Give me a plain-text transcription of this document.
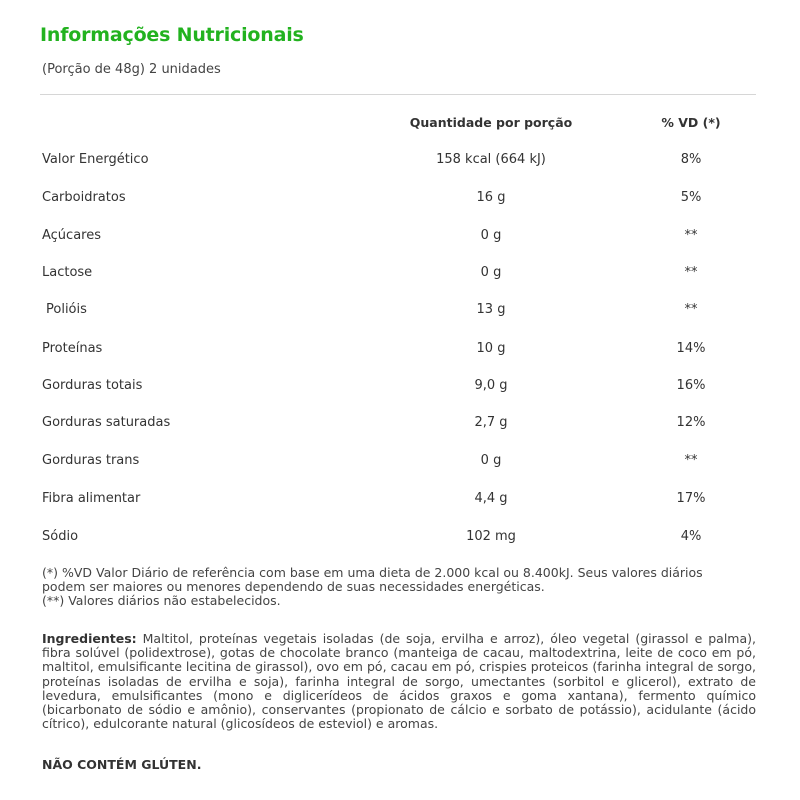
Informações Nutricionais
(Porção de 48g) 2 unidades
Quantidade por porção	% VD (*)
Valor Energético	158 kcal (664 kJ)	8%
Carboidratos	16 g	5%
Açúcares	0 g	**
Lactose	0 g	**
Polióis	13 g	**
Proteínas	10 g	14%
Gorduras totais	9,0 g	16%
Gorduras saturadas	2,7 g	12%
Gorduras trans	0 g	**
Fibra alimentar	4,4 g	17%
Sódio	102 mg	4%
(*) %VD Valor Diário de referência com base em uma dieta de 2.000 kcal ou 8.400kJ. Seus valores diários
podem ser maiores ou menores dependendo de suas necessidades energéticas.
(**) Valores diários não estabelecidos.
Ingredientes: Maltitol, proteínas vegetais isoladas (de soja, ervilha e arroz), óleo vegetal (girassol e palma), fibra solúvel (polidextrose), gotas de chocolate branco (manteiga de cacau, maltodextrina, leite de coco em pó, maltitol, emulsificante lecitina de girassol), ovo em pó, cacau em pó, crispies proteicos (farinha integral de sorgo, proteínas isoladas de ervilha e soja), farinha integral de sorgo, umectantes (sorbitol e glicerol), extrato de levedura, emulsificantes (mono e diglicerídeos de ácidos graxos e goma xantana), fermento químico (bicarbonato de sódio e amônio), conservantes (propionato de cálcio e sorbato de potássio), acidulante (ácido cítrico), edulcorante natural (glicosídeos de esteviol) e aromas.
NÃO CONTÉM GLÚTEN.
